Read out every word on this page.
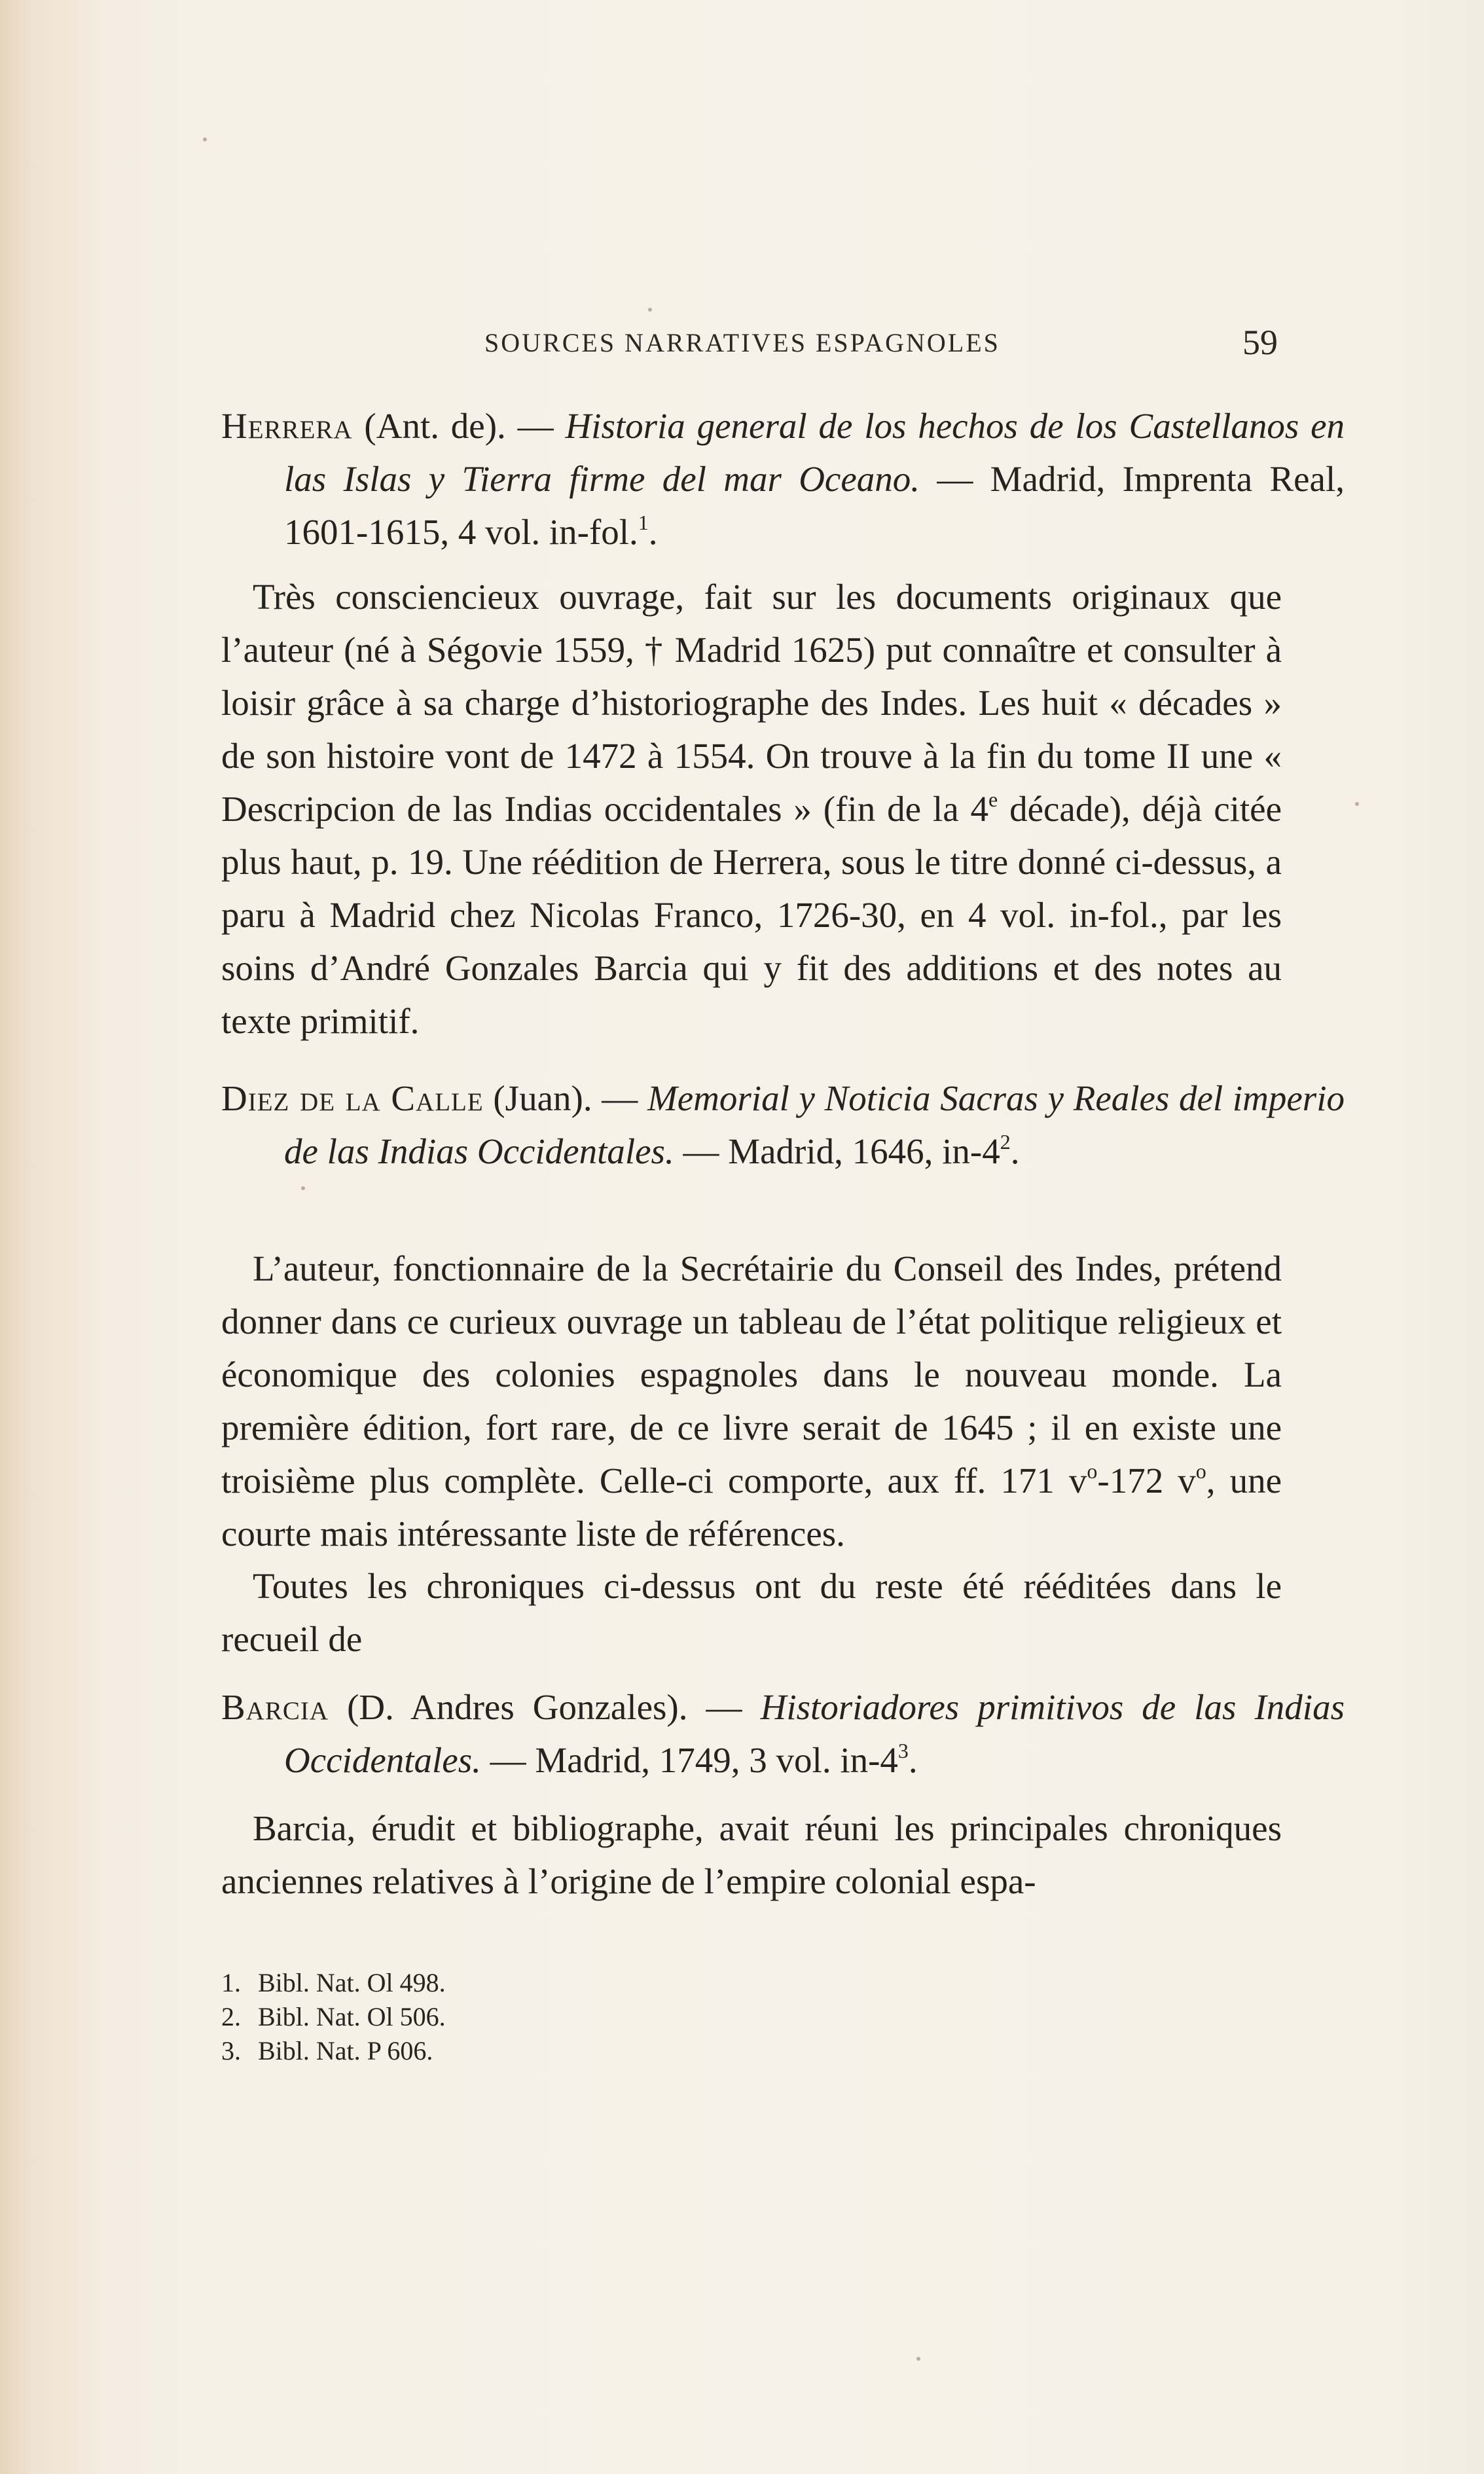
SOURCES NARRATIVES ESPAGNOLES	59
Herrera (Ant. de). — Historia general de los hechos de los Castellanos en las Islas y Tierra firme del mar Oceano. — Madrid, Imprenta Real, 1601-1615, 4 vol. in-fol.$^1$.
Très consciencieux ouvrage, fait sur les documents originaux que l’auteur (né à Ségovie 1559, † Madrid 1625) put connaître et consulter à loisir grâce à sa charge d’historiographe des Indes. Les huit « décades » de son histoire vont de 1472 à 1554. On trouve à la fin du tome II une « Descripcion de las Indias occidentales » (fin de la 4e décade), déjà citée plus haut, p. 19. Une réédition de Herrera, sous le titre donné ci-dessus, a paru à Madrid chez Nicolas Franco, 1726-30, en 4 vol. in-fol., par les soins d’André Gonzales Barcia qui y fit des additions et des notes au texte primitif.
Diez de la Calle (Juan). — Memorial y Noticia Sacras y Reales del imperio de las Indias Occidentales. — Madrid, 1646, $in-4^2$.
L’auteur, fonctionnaire de la Secrétairie du Conseil des Indes, prétend donner dans ce curieux ouvrage un tableau de l’état politique religieux et économique des colonies espagnoles dans le nouveau monde. La première édition, fort rare, de ce livre serait de 1645 ; il en existe une troisième plus complète. Celle-ci comporte, aux ff. 171 $v^o-172$ $v^o$, une courte mais intéressante liste de références.
Toutes les chroniques ci-dessus ont du reste été rééditées dans le recueil de
Barcia (D. Andres Gonzales). — Historiadores primitivos de las Indias Occidentales. — Madrid, 1749, 3 vol. $in-4^3$.
Barcia, érudit et bibliographe, avait réuni les principales chroniques anciennes relatives à l’origine de l’empire colonial espa-
1. Bibl. Nat. Ol 498.
2. Bibl. Nat. Ol 506.
3. Bibl. Nat. P 606.
